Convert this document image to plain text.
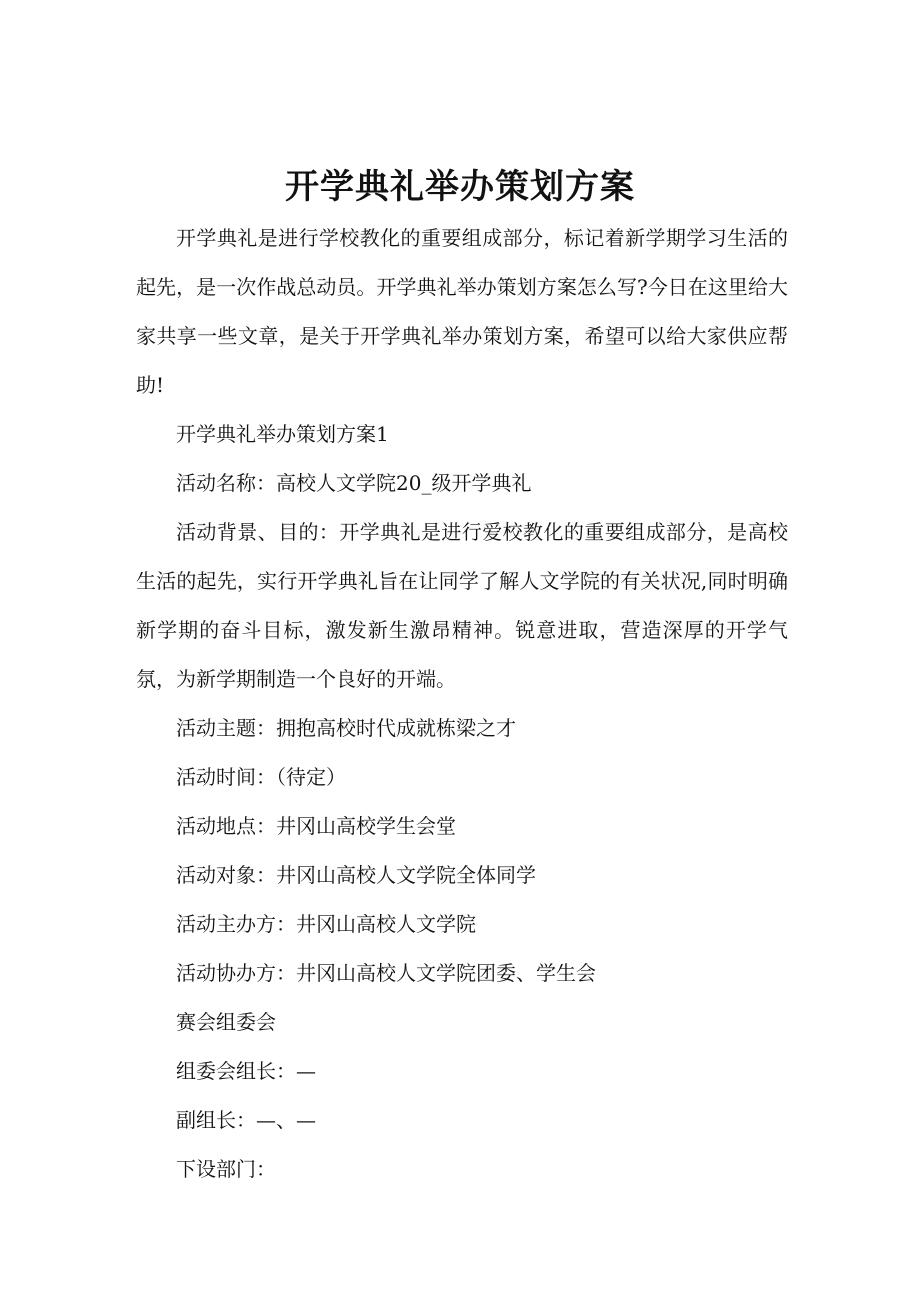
开学典礼举办策划方案

开学典礼是进行学校教化的重要组成部分，标记着新学期学习生活的起先，是一次作战总动员。开学典礼举办策划方案怎么写?今日在这里给大家共享一些文章，是关于开学典礼举办策划方案，希望可以给大家供应帮助!

开学典礼举办策划方案1

活动名称：高校人文学院20_级开学典礼

活动背景、目的：开学典礼是进行爱校教化的重要组成部分，是高校生活的起先，实行开学典礼旨在让同学了解人文学院的有关状况,同时明确新学期的奋斗目标，激发新生激昂精神。锐意进取，营造深厚的开学气氛，为新学期制造一个良好的开端。

活动主题：拥抱高校时代成就栋梁之才

活动时间：（待定）

活动地点：井冈山高校学生会堂

活动对象：井冈山高校人文学院全体同学

活动主办方：井冈山高校人文学院

活动协办方：井冈山高校人文学院团委、学生会

赛会组委会

组委会组长：—

副组长：—、—

下设部门：
